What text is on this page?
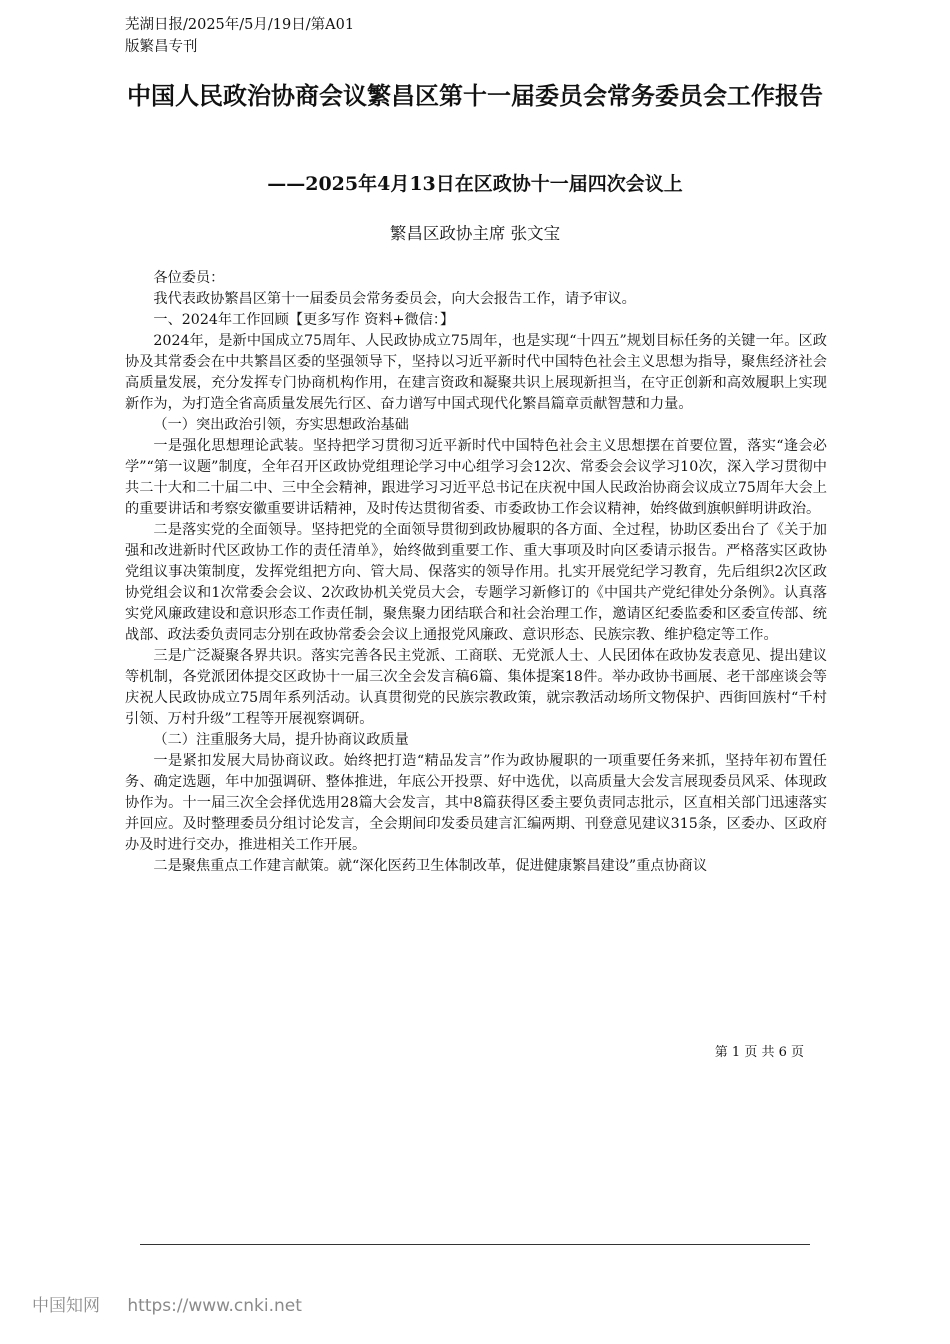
芜湖日报/2025年/5月/19日/第A01
版繁昌专刊
中国人民政治协商会议繁昌区第十一届委员会常务委员会工作报告
——2025年4月13日在区政协十一届四次会议上
繁昌区政协主席 张文宝

各位委员：

我代表政协繁昌区第十一届委员会常务委员会，向大会报告工作，请予审议。

一、2024年工作回顾【更多写作 资料+微信：】

2024年，是新中国成立75周年、人民政协成立75周年，也是实现“十四五”规划目标任务的关键一年。区政协及其常委会在中共繁昌区委的坚强领导下，坚持以习近平新时代中国特色社会主义思想为指导，聚焦经济社会高质量发展，充分发挥专门协商机构作用，在建言资政和凝聚共识上展现新担当，在守正创新和高效履职上实现新作为，为打造全省高质量发展先行区、奋力谱写中国式现代化繁昌篇章贡献智慧和力量。

（一）突出政治引领，夯实思想政治基础

一是强化思想理论武装。坚持把学习贯彻习近平新时代中国特色社会主义思想摆在首要位置，落实“逢会必学”“第一议题”制度，全年召开区政协党组理论学习中心组学习会12次、常委会会议学习10次，深入学习贯彻中共二十大和二十届二中、三中全会精神，跟进学习习近平总书记在庆祝中国人民政治协商会议成立75周年大会上的重要讲话和考察安徽重要讲话精神，及时传达贯彻省委、市委政协工作会议精神，始终做到旗帜鲜明讲政治。

二是落实党的全面领导。坚持把党的全面领导贯彻到政协履职的各方面、全过程，协助区委出台了《关于加强和改进新时代区政协工作的责任清单》，始终做到重要工作、重大事项及时向区委请示报告。严格落实区政协党组议事决策制度，发挥党组把方向、管大局、保落实的领导作用。扎实开展党纪学习教育，先后组织2次区政协党组会议和1次常委会会议、2次政协机关党员大会，专题学习新修订的《中国共产党纪律处分条例》。认真落实党风廉政建设和意识形态工作责任制，聚焦聚力团结联合和社会治理工作，邀请区纪委监委和区委宣传部、统战部、政法委负责同志分别在政协常委会会议上通报党风廉政、意识形态、民族宗教、维护稳定等工作。

三是广泛凝聚各界共识。落实完善各民主党派、工商联、无党派人士、人民团体在政协发表意见、提出建议等机制，各党派团体提交区政协十一届三次全会发言稿6篇、集体提案18件。举办政协书画展、老干部座谈会等庆祝人民政协成立75周年系列活动。认真贯彻党的民族宗教政策，就宗教活动场所文物保护、西街回族村“千村引领、万村升级”工程等开展视察调研。

（二）注重服务大局，提升协商议政质量

一是紧扣发展大局协商议政。始终把打造“精品发言”作为政协履职的一项重要任务来抓，坚持年初布置任务、确定选题，年中加强调研、整体推进，年底公开投票、好中选优，以高质量大会发言展现委员风采、体现政协作为。十一届三次全会择优选用28篇大会发言，其中8篇获得区委主要负责同志批示，区直相关部门迅速落实并回应。及时整理委员分组讨论发言，全会期间印发委员建言汇编两期、刊登意见建议315条，区委办、区政府办及时进行交办，推进相关工作开展。

二是聚焦重点工作建言献策。就“深化医药卫生体制改革，促进健康繁昌建设”重点协商议

第 1 页 共 6 页
中国知网 https://www.cnki.net
